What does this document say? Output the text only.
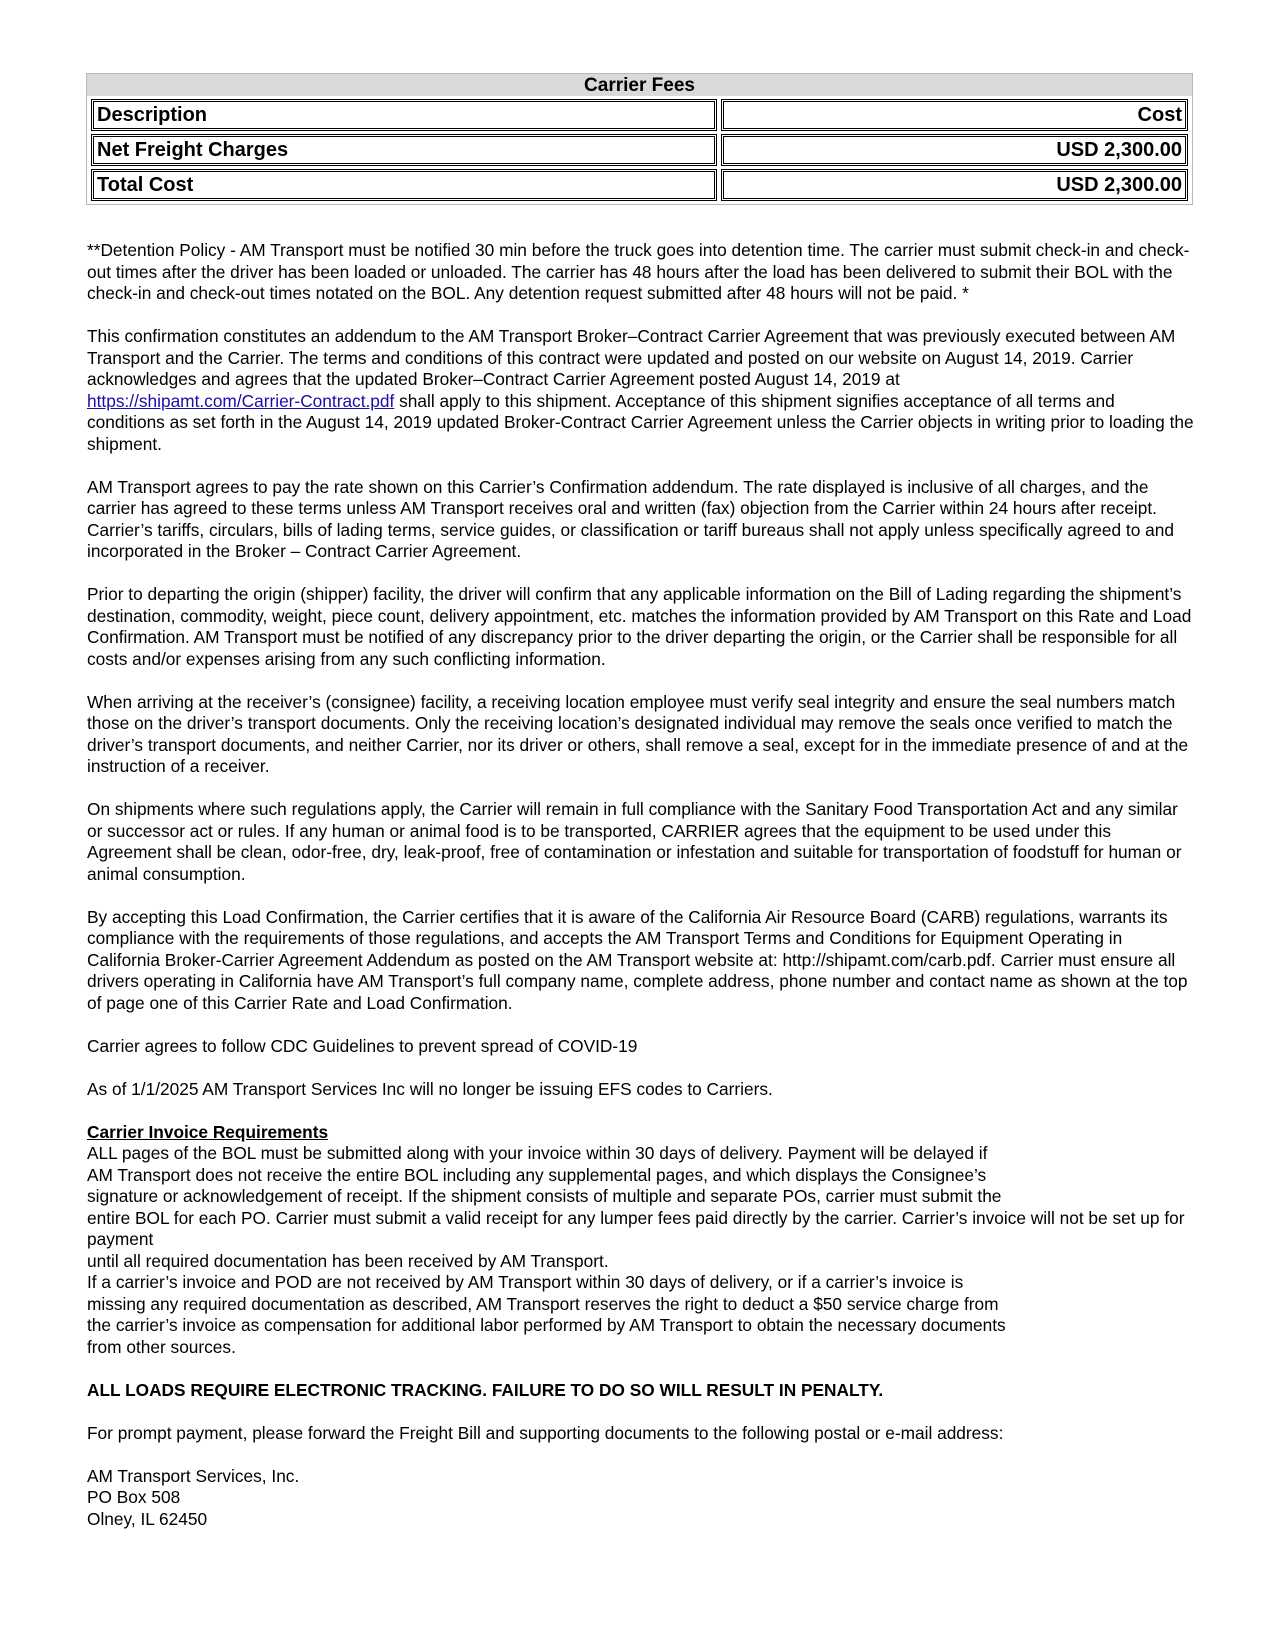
Carrier Fees
Description	Cost
Net Freight Charges	USD 2,300.00
Total Cost	USD 2,300.00

**Detention Policy - AM Transport must be notified 30 min before the truck goes into detention time. The carrier must submit check-in and check-out times after the driver has been loaded or unloaded. The carrier has 48 hours after the load has been delivered to submit their BOL with the check-in and check-out times notated on the BOL. Any detention request submitted after 48 hours will not be paid. *

This confirmation constitutes an addendum to the AM Transport Broker–Contract Carrier Agreement that was previously executed between AM Transport and the Carrier. The terms and conditions of this contract were updated and posted on our website on August 14, 2019. Carrier acknowledges and agrees that the updated Broker–Contract Carrier Agreement posted August 14, 2019 at
https://shipamt.com/Carrier-Contract.pdf shall apply to this shipment. Acceptance of this shipment signifies acceptance of all terms and conditions as set forth in the August 14, 2019 updated Broker-Contract Carrier Agreement unless the Carrier objects in writing prior to loading the shipment.

AM Transport agrees to pay the rate shown on this Carrier’s Confirmation addendum. The rate displayed is inclusive of all charges, and the carrier has agreed to these terms unless AM Transport receives oral and written (fax) objection from the Carrier within 24 hours after receipt. Carrier’s tariffs, circulars, bills of lading terms, service guides, or classification or tariff bureaus shall not apply unless specifically agreed to and incorporated in the Broker – Contract Carrier Agreement.

Prior to departing the origin (shipper) facility, the driver will confirm that any applicable information on the Bill of Lading regarding the shipment’s destination, commodity, weight, piece count, delivery appointment, etc. matches the information provided by AM Transport on this Rate and Load Confirmation. AM Transport must be notified of any discrepancy prior to the driver departing the origin, or the Carrier shall be responsible for all costs and/or expenses arising from any such conflicting information.

When arriving at the receiver’s (consignee) facility, a receiving location employee must verify seal integrity and ensure the seal numbers match those on the driver’s transport documents. Only the receiving location’s designated individual may remove the seals once verified to match the driver’s transport documents, and neither Carrier, nor its driver or others, shall remove a seal, except for in the immediate presence of and at the instruction of a receiver.

On shipments where such regulations apply, the Carrier will remain in full compliance with the Sanitary Food Transportation Act and any similar or successor act or rules. If any human or animal food is to be transported, CARRIER agrees that the equipment to be used under this Agreement shall be clean, odor-free, dry, leak-proof, free of contamination or infestation and suitable for transportation of foodstuff for human or animal consumption.

By accepting this Load Confirmation, the Carrier certifies that it is aware of the California Air Resource Board (CARB) regulations, warrants its compliance with the requirements of those regulations, and accepts the AM Transport Terms and Conditions for Equipment Operating in California Broker-Carrier Agreement Addendum as posted on the AM Transport website at: http://shipamt.com/carb.pdf. Carrier must ensure all drivers operating in California have AM Transport’s full company name, complete address, phone number and contact name as shown at the top of page one of this Carrier Rate and Load Confirmation.

Carrier agrees to follow CDC Guidelines to prevent spread of COVID-19

As of 1/1/2025 AM Transport Services Inc will no longer be issuing EFS codes to Carriers.

Carrier Invoice Requirements
ALL pages of the BOL must be submitted along with your invoice within 30 days of delivery. Payment will be delayed if
AM Transport does not receive the entire BOL including any supplemental pages, and which displays the Consignee’s
signature or acknowledgement of receipt. If the shipment consists of multiple and separate POs, carrier must submit the
entire BOL for each PO. Carrier must submit a valid receipt for any lumper fees paid directly by the carrier. Carrier’s invoice will not be set up for payment
until all required documentation has been received by AM Transport.
If a carrier’s invoice and POD are not received by AM Transport within 30 days of delivery, or if a carrier’s invoice is
missing any required documentation as described, AM Transport reserves the right to deduct a $50 service charge from
the carrier’s invoice as compensation for additional labor performed by AM Transport to obtain the necessary documents
from other sources.

ALL LOADS REQUIRE ELECTRONIC TRACKING. FAILURE TO DO SO WILL RESULT IN PENALTY.

For prompt payment, please forward the Freight Bill and supporting documents to the following postal or e-mail address:

AM Transport Services, Inc.
PO Box 508
Olney, IL 62450
